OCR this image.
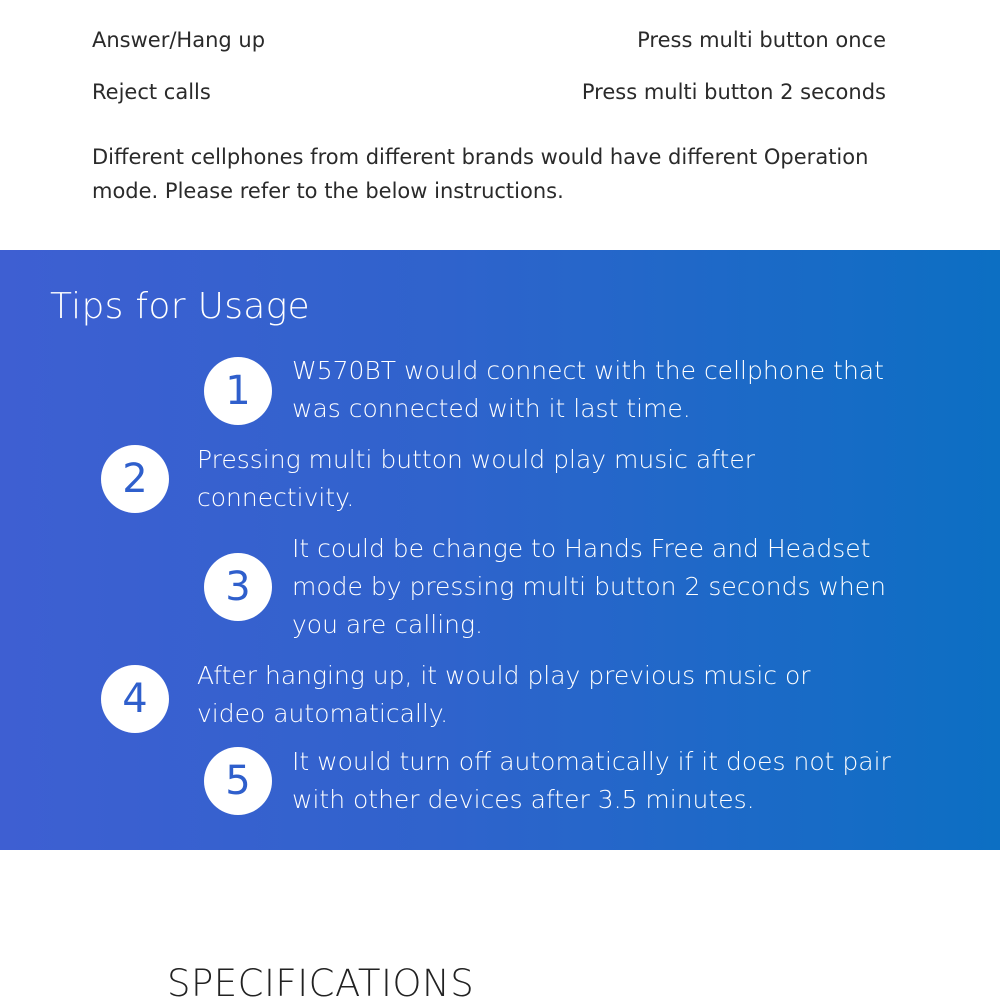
Answer/Hang up	Press multi button once
Reject calls	Press multi button 2 seconds
Different cellphones from different brands would have different Operation mode. Please refer to the below instructions.
Tips for Usage
1	W570BT would connect with the cellphone that was connected with it last time.
2	Pressing multi button would play music after connectivity.
3
It could be change to Hands Free and Headset mode by pressing multi button 2 seconds when you are calling.
4
After hanging up, it would play previous music or video automatically.
5	It would turn off automatically if it does not pair with other devices after 3.5 minutes.
SPECIFICATIONS
